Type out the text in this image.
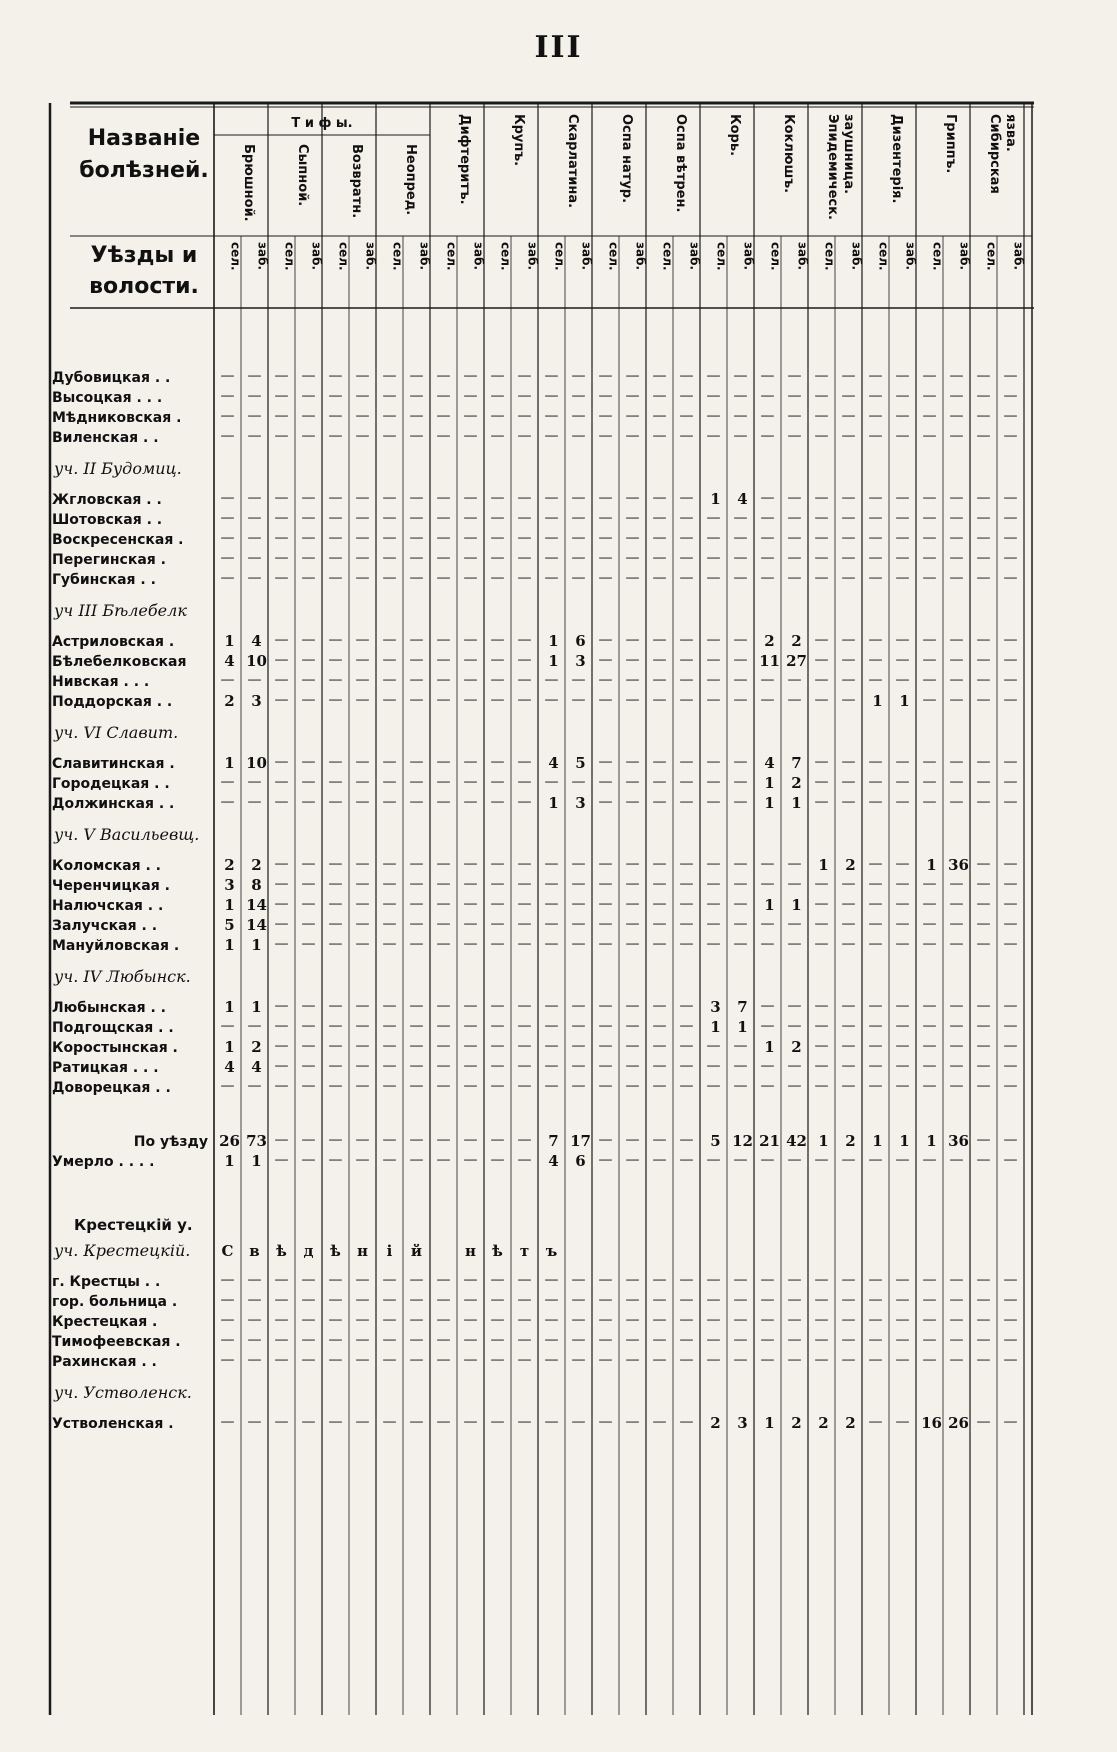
III
Названіе
болѣзней.
Уѣзды и
волости.
Т и ф ы.
Брюшной.	Сыпной.	Возвратн.	Неопред.	Дифтеритъ.	Крупъ.	Скарлатина.	Оспа натур.	Оспа вѣтрен.	Корь.	Коклюшъ. Эпидемическ. заушница.	Дизентерія.	Гриппъ. Сибирская язва.
сел. заб. сел. заб. сел. заб. сел. заб. сел. заб. сел. заб. сел. заб. сел. заб. сел. заб. сел. заб. сел. заб. сел. заб. сел. заб. сел. заб. сел. заб.
Дубовицкая . .	— — — — — — — — — — — — — — — — — — — — — — — — — — — — — —
Высоцкая . . .	— — — — — — — — — — — — — — — — — — — — — — — — — — — — — —
Мѣдниковская .	— — — — — — — — — — — — — — — — — — — — — — — — — — — — — —
Виленская . .	— — — — — — — — — — — — — — — — — — — — — — — — — — — — — —
уч. II Будомиц.
Жгловская . .	— — — — — — — — — — — — — — — — — — 1 4 — — — — — — — — — —
Шотовская . .	— — — — — — — — — — — — — — — — — — — — — — — — — — — — — —
Воскресенская .	— — — — — — — — — — — — — — — — — — — — — — — — — — — — — —
Перегинская .	— — — — — — — — — — — — — — — — — — — — — — — — — — — — — —
Губинская . .	— — — — — — — — — — — — — — — — — — — — — — — — — — — — — —
уч III Бѣлебелк
Астриловская .	1 4 — — — — — — — — — — 1 6 — — — — — — 2 2 — — — — — — — —
Бѣлебелковская	4 10 — — — — — — — — — — 1 3 — — — — — — 11 27 — — — — — — — —
Нивская . . .	— — — — — — — — — — — — — — — — — — — — — — — — — — — — — —
Поддорская . .	2 3 — — — — — — — — — — — — — — — — — — — — — — 1 1 — — — —
уч. VI Славит.
Славитинская .	1 10 — — — — — — — — — — 4 5 — — — — — — 4 7 — — — — — — — —
Городецкая . .	— — — — — — — — — — — — — — — — — — — — 1 2 — — — — — — — —
Должинская . .	— — — — — — — — — — — — 1 3 — — — — — — 1 1 — — — — — — — —
уч. V Васильевщ.
Коломская . .	2 2 — — — — — — — — — — — — — — — — — — — — 1 2 — — 1 36 — —
Черенчицкая .	3 8 — — — — — — — — — — — — — — — — — — — — — — — — — — — —
Налючская . .	1 14 — — — — — — — — — — — — — — — — — — 1 1 — — — — — — — —
Залучская . .	5 14 — — — — — — — — — — — — — — — — — — — — — — — — — — — —
Мануйловская .	1 1 — — — — — — — — — — — — — — — — — — — — — — — — — — — —
уч. IV Любынск.
Любынская . .	1 1 — — — — — — — — — — — — — — — — 3 7 — — — — — — — — — —
Подгощская . .	— — — — — — — — — — — — — — — — — — 1 1 — — — — — — — — — —
Коростынская .	1 2 — — — — — — — — — — — — — — — — — — 1 2 — — — — — — — —
Ратицкая . . .	4 4 — — — — — — — — — — — — — — — — — — — — — — — — — — — —
Доворецкая . .	— — — — — — — — — — — — — — — — — — — — — — — — — — — — — —
По уѣзду 26 73 — — — — — — — — — — 7 17 — — — — 5 12 21 42 1 2 1 1 1 36 — —
Умерло . . . .	1 1 — — — — — — — — — — 4 6 — — — — — — — — — — — — — — — —
Крестецкій у.
уч. Крестецкій. С в ѣ д ѣ н і й	н ѣ т ъ
г. Крестцы . .	— — — — — — — — — — — — — — — — — — — — — — — — — — — — — —
гор. больница .	— — — — — — — — — — — — — — — — — — — — — — — — — — — — — —
Крестецкая .	— — — — — — — — — — — — — — — — — — — — — — — — — — — — — —
Тимофеевская .	— — — — — — — — — — — — — — — — — — — — — — — — — — — — — —
Рахинская . .	— — — — — — — — — — — — — — — — — — — — — — — — — — — — — —
уч. Устволенск.
Устволенская .	— — — — — — — — — — — — — — — — — — 2 3 1 2 2 2 — — 16 26 — —
